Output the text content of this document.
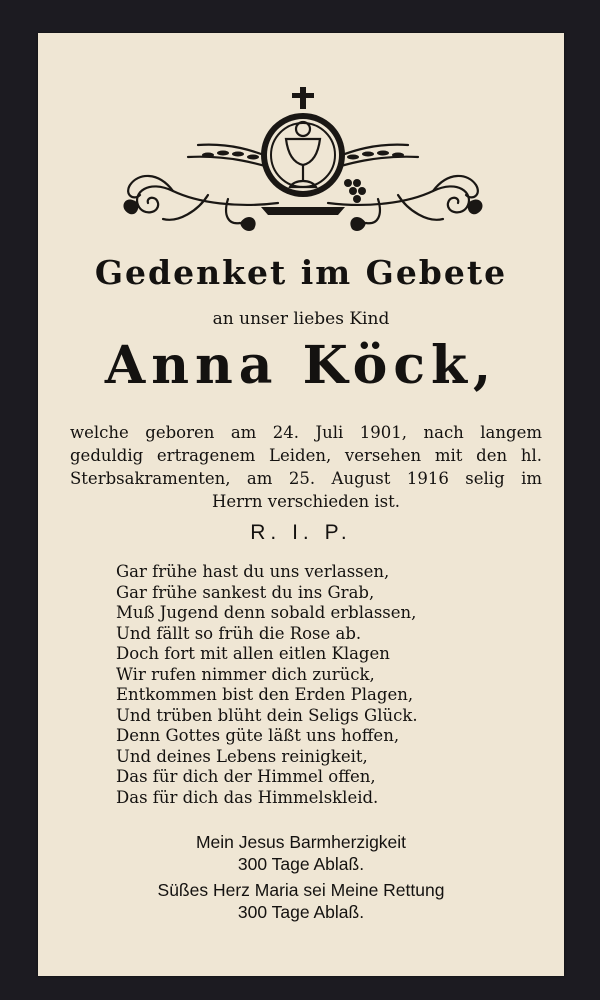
Gedenket im Gebete
an unser liebes Kind
Anna Köck,
welche geboren am 24. Juli 1901, nach langem
geduldig ertragenem Leiden, versehen mit den hl.
Sterbsakramenten, am 25. August 1916 selig im
Herrn verschieden ist.
R. I. P.
Gar frühe hast du uns verlassen,
Gar frühe sankest du ins Grab,
Muß Jugend denn sobald erblassen,
Und fällt so früh die Rose ab.
Doch fort mit allen eitlen Klagen
Wir rufen nimmer dich zurück,
Entkommen bist den Erden Plagen,
Und trüben blüht dein Seligs Glück.
Denn Gottes güte läßt uns hoffen,
Und deines Lebens reinigkeit,
Das für dich der Himmel offen,
Das für dich das Himmelskleid.
Mein Jesus Barmherzigkeit
300 Tage Ablaß.
Süßes Herz Maria sei Meine Rettung
300 Tage Ablaß.
